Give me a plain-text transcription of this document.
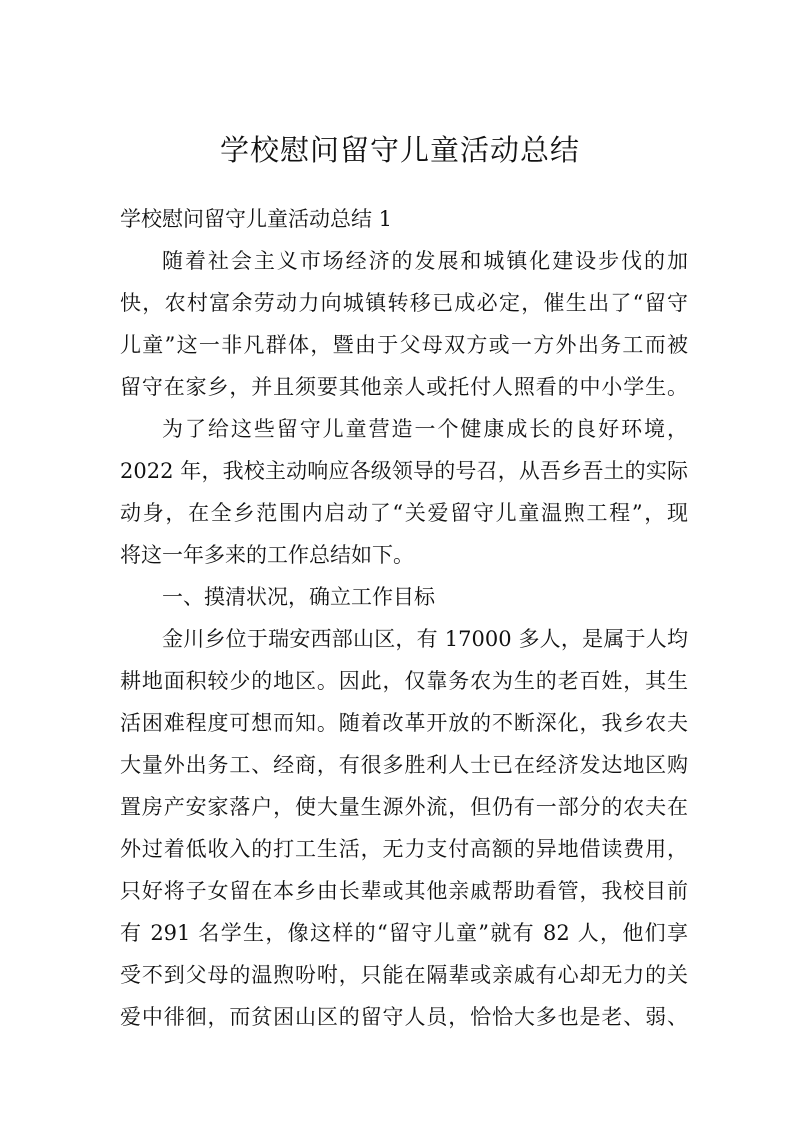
学校慰问留守儿童活动总结
学校慰问留守儿童活动总结 1
随着社会主义市场经济的发展和城镇化建设步伐的加
快，农村富余劳动力向城镇转移已成必定，催生出了“留守
儿童”这一非凡群体，暨由于父母双方或一方外出务工而被
留守在家乡，并且须要其他亲人或托付人照看的中小学生。
为了给这些留守儿童营造一个健康成长的良好环境，
2022 年，我校主动响应各级领导的号召，从吾乡吾土的实际
动身，在全乡范围内启动了“关爱留守儿童温煦工程”，现
将这一年多来的工作总结如下。
一、摸清状况，确立工作目标
金川乡位于瑞安西部山区，有 17000 多人，是属于人均
耕地面积较少的地区。因此，仅靠务农为生的老百姓，其生
活困难程度可想而知。随着改革开放的不断深化，我乡农夫
大量外出务工、经商，有很多胜利人士已在经济发达地区购
置房产安家落户，使大量生源外流，但仍有一部分的农夫在
外过着低收入的打工生活，无力支付高额的异地借读费用，
只好将子女留在本乡由长辈或其他亲戚帮助看管，我校目前
有 291 名学生，像这样的“留守儿童”就有 82 人，他们享
受不到父母的温煦吩咐，只能在隔辈或亲戚有心却无力的关
爱中徘徊，而贫困山区的留守人员，恰恰大多也是老、弱、
